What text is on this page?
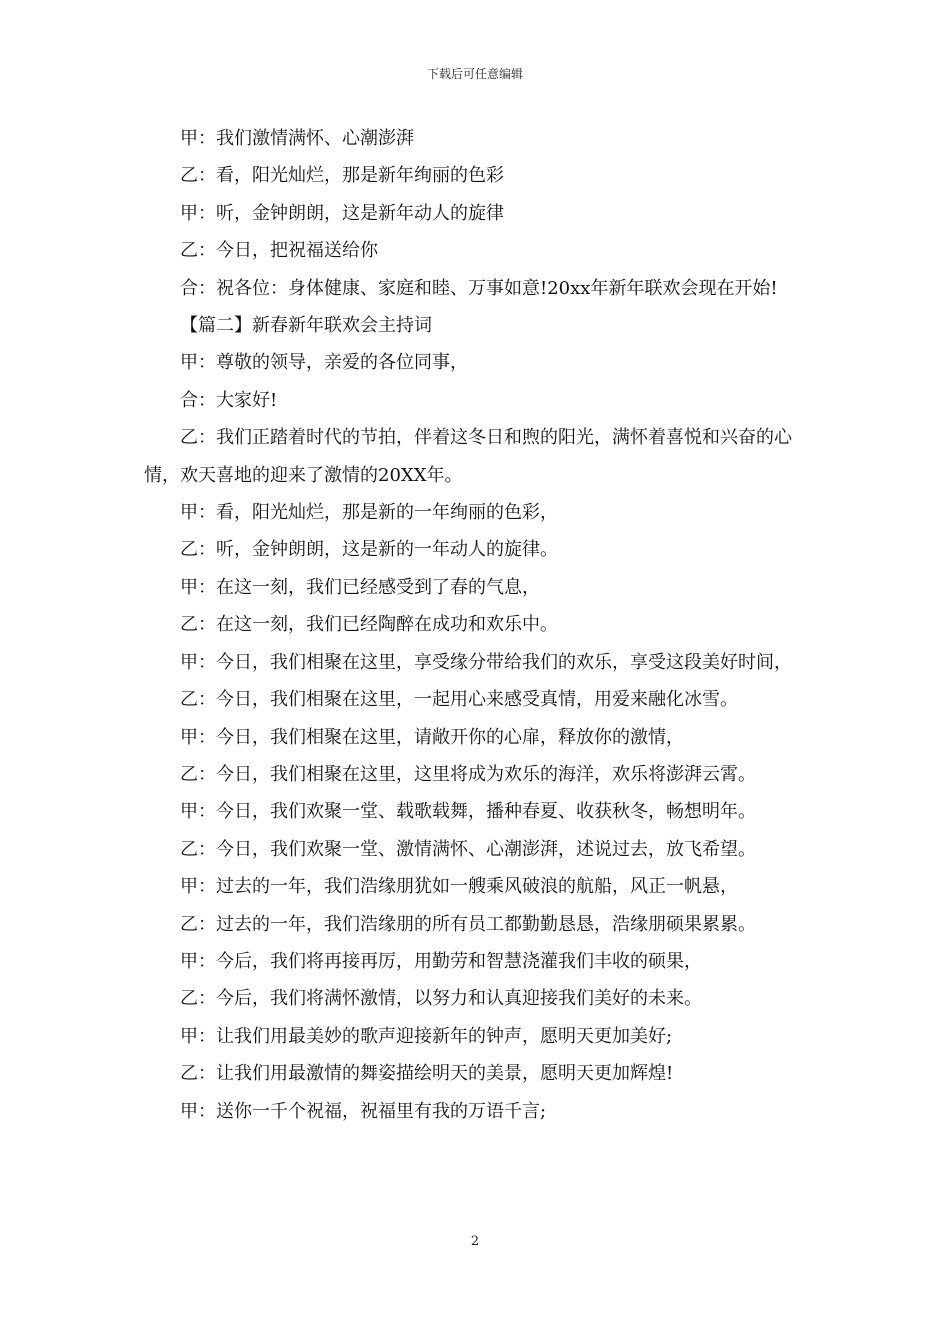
下载后可任意编辑

甲：我们激情满怀、心潮澎湃

乙：看，阳光灿烂，那是新年绚丽的色彩

甲：听，金钟朗朗，这是新年动人的旋律

乙：今日，把祝福送给你

合：祝各位：身体健康、家庭和睦、万事如意!20xx年新年联欢会现在开始!

【篇二】新春新年联欢会主持词

甲：尊敬的领导，亲爱的各位同事，

合：大家好!

乙：我们正踏着时代的节拍，伴着这冬日和煦的阳光，满怀着喜悦和兴奋的心情，欢天喜地的迎来了激情的20XX年。

甲：看，阳光灿烂，那是新的一年绚丽的色彩，

乙：听，金钟朗朗，这是新的一年动人的旋律。

甲：在这一刻，我们已经感受到了春的气息，

乙：在这一刻，我们已经陶醉在成功和欢乐中。

甲：今日，我们相聚在这里，享受缘分带给我们的欢乐，享受这段美好时间，

乙：今日，我们相聚在这里，一起用心来感受真情，用爱来融化冰雪。

甲：今日，我们相聚在这里，请敞开你的心扉，释放你的激情，

乙：今日，我们相聚在这里，这里将成为欢乐的海洋，欢乐将澎湃云霄。

甲：今日，我们欢聚一堂、载歌载舞，播种春夏、收获秋冬，畅想明年。

乙：今日，我们欢聚一堂、激情满怀、心潮澎湃，述说过去，放飞希望。

甲：过去的一年，我们浩缘朋犹如一艘乘风破浪的航船，风正一帆悬，

乙：过去的一年，我们浩缘朋的所有员工都勤勤恳恳，浩缘朋硕果累累。

甲：今后，我们将再接再厉，用勤劳和智慧浇灌我们丰收的硕果，

乙：今后，我们将满怀激情，以努力和认真迎接我们美好的未来。

甲：让我们用最美妙的歌声迎接新年的钟声，愿明天更加美好;

乙：让我们用最激情的舞姿描绘明天的美景，愿明天更加辉煌!

甲：送你一千个祝福，祝福里有我的万语千言;

2
